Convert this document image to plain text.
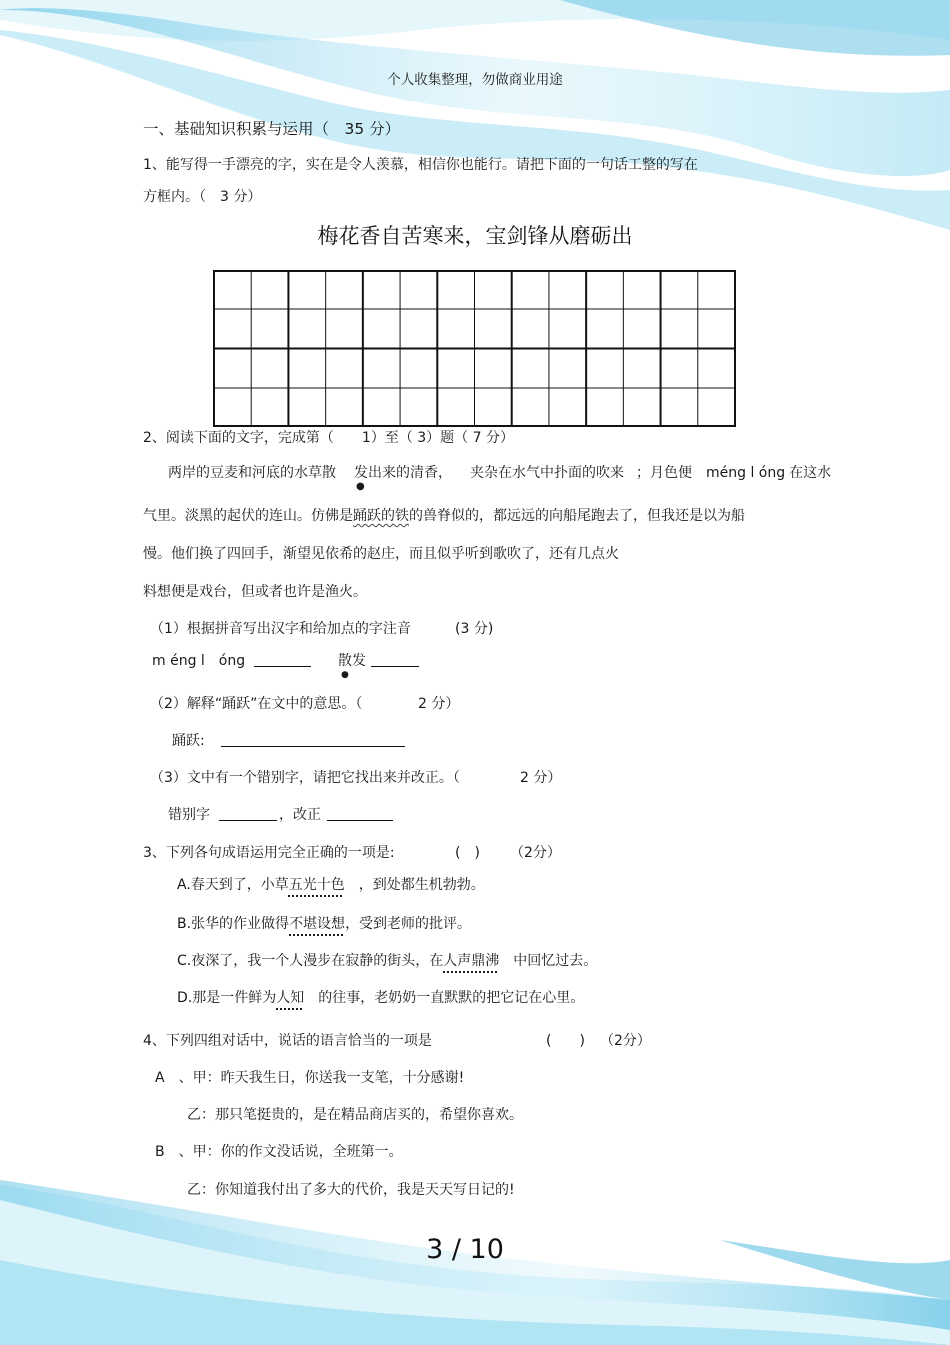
个人收集整理，勿做商业用途
一、基础知识积累与运用（　35 分）
1、能写得一手漂亮的字，实在是令人羡慕，相信你也能行。请把下面的一句话工整的写在
方框内。（　3 分）
梅花香自苦寒来，宝剑锋从磨砺出
2、阅读下面的文字，完成第（　　1）至（ 3）题（ 7 分）
两岸的豆麦和河底的水草散 发出来的清香， 夹杂在水气中扑面的吹来 ；月色便 méng l óng 在这水
●
气里。淡黑的起伏的连山。仿佛是踊跃的铁的兽脊似的，都远远的向船尾跑去了，但我还是以为船
慢。他们换了四回手，渐望见依希的赵庄，而且似乎听到歌吹了，还有几点火
料想便是戏台，但或者也许是渔火。
（1）根据拼音写出汉字和给加点的字注音	(3 分)
m éng l　óng	散发
●
（2）解释“踊跃”在文中的意思。（	2 分）
踊跃:
（3）文中有一个错别字，请把它找出来并改正。（	2 分）
错别字	，改正
3、下列各句成语运用完全正确的一项是:	(　) （2分）
A.春天到了，小草五光十色　，到处都生机勃勃。
B.张华的作业做得不堪设想，受到老师的批评。
C.夜深了，我一个人漫步在寂静的街头，在人声鼎沸　中回忆过去。
D.那是一件鲜为人知　的往事，老奶奶一直默默的把它记在心里。
4、下列四组对话中，说话的语言恰当的一项是	(　　) （2分）
A　、甲：昨天我生日，你送我一支笔，十分感谢!
乙：那只笔挺贵的，是在精品商店买的，希望你喜欢。
B　、甲：你的作文没话说，全班第一。
乙：你知道我付出了多大的代价，我是天天写日记的!
3 / 10
